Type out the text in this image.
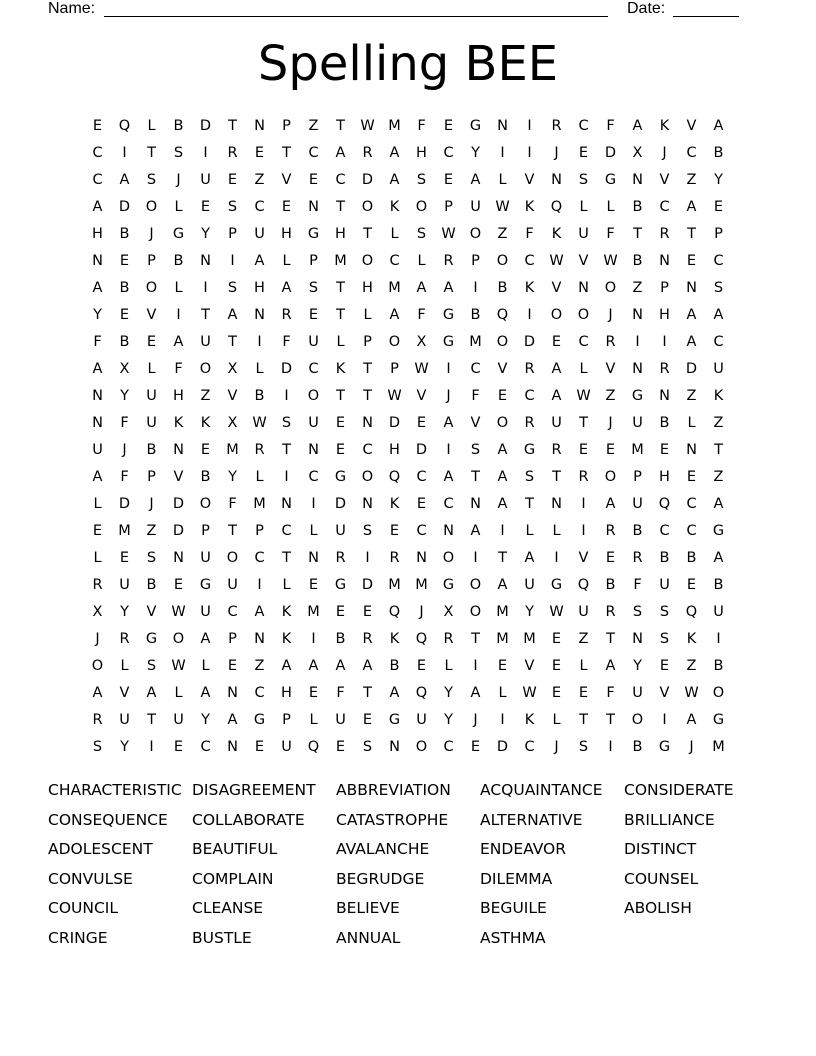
Name:	Date:
Spelling BEE
E	Q	L	B	D	T	N	P	Z	T	W M	F	E	G	N	I	R	C	F	A	K	V	A
C	I	T	S	I	R	E	T	C	A	R	A	H	C	Y	I	I	J	E	D	X	J	C	B
C	A	S	J	U	E	Z	V	E	C	D	A	S	E	A	L	V	N	S	G	N	V	Z	Y
A	D	O	L	E	S	C	E	N	T	O	K	O	P	U	W	K	Q	L	L	B	C	A	E
H	B	J	G	Y	P	U	H	G	H	T	L	S	W O	Z	F	K	U	F	T	R	T	P
N	E	P	B	N	I	A	L	P	M	O	C	L	R	P	O	C	W	V	W	B	N	E	C
A	B	O	L	I	S	H	A	S	T	H	M	A	A	I	B	K	V	N	O	Z	P	N	S
Y	E	V	I	T	A	N	R	E	T	L	A	F	G	B	Q	I	O	O	J	N	H	A	A
F	B	E	A	U	T	I	F	U	L	P	O	X	G	M	O	D	E	C	R	I	I	A	C
A	X	L	F	O	X	L	D	C	K	T	P	W	I	C	V	R	A	L	V	N	R	D	U
N	Y	U	H	Z	V	B	I	O	T	T	W	V	J	F	E	C	A	W	Z	G	N	Z	K
N	F	U	K	K	X	W	S	U	E	N	D	E	A	V	O	R	U	T	J	U	B	L	Z
U	J	B	N	E	M	R	T	N	E	C	H	D	I	S	A	G	R	E	E	M	E	N	T
A	F	P	V	B	Y	L	I	C	G	O	Q	C	A	T	A	S	T	R	O	P	H	E	Z
L	D	J	D	O	F	M	N	I	D	N	K	E	C	N	A	T	N	I	A	U	Q	C	A
E	M	Z	D	P	T	P	C	L	U	S	E	C	N	A	I	L	L	I	R	B	C	C	G
L	E	S	N	U	O	C	T	N	R	I	R	N	O	I	T	A	I	V	E	R	B	B	A
R	U	B	E	G	U	I	L	E	G	D	M M	G	O	A	U	G	Q	B	F	U	E	B
X	Y	V	W	U	C	A	K	M	E	E	Q	J	X	O	M	Y	W	U	R	S	S	Q	U
J	R	G	O	A	P	N	K	I	B	R	K	Q	R	T	M M	E	Z	T	N	S	K	I
O	L	S	W	L	E	Z	A	A	A	A	B	E	L	I	E	V	E	L	A	Y	E	Z	B
A	V	A	L	A	N	C	H	E	F	T	A	Q	Y	A	L	W	E	E	F	U	V	W O
R	U	T	U	Y	A	G	P	L	U	E	G	U	Y	J	I	K	L	T	T	O	I	A	G
S	Y	I	E	C	N	E	U	Q	E	S	N	O	C	E	D	C	J	S	I	B	G	J	M
CHARACTERISTIC DISAGREEMENT	ABBREVIATION	ACQUAINTANCE	CONSIDERATE
CONSEQUENCE	COLLABORATE	CATASTROPHE	ALTERNATIVE	BRILLIANCE
ADOLESCENT	BEAUTIFUL	AVALANCHE	ENDEAVOR	DISTINCT
CONVULSE	COMPLAIN	BEGRUDGE	DILEMMA	COUNSEL
COUNCIL	CLEANSE	BELIEVE	BEGUILE	ABOLISH
CRINGE	BUSTLE	ANNUAL	ASTHMA
